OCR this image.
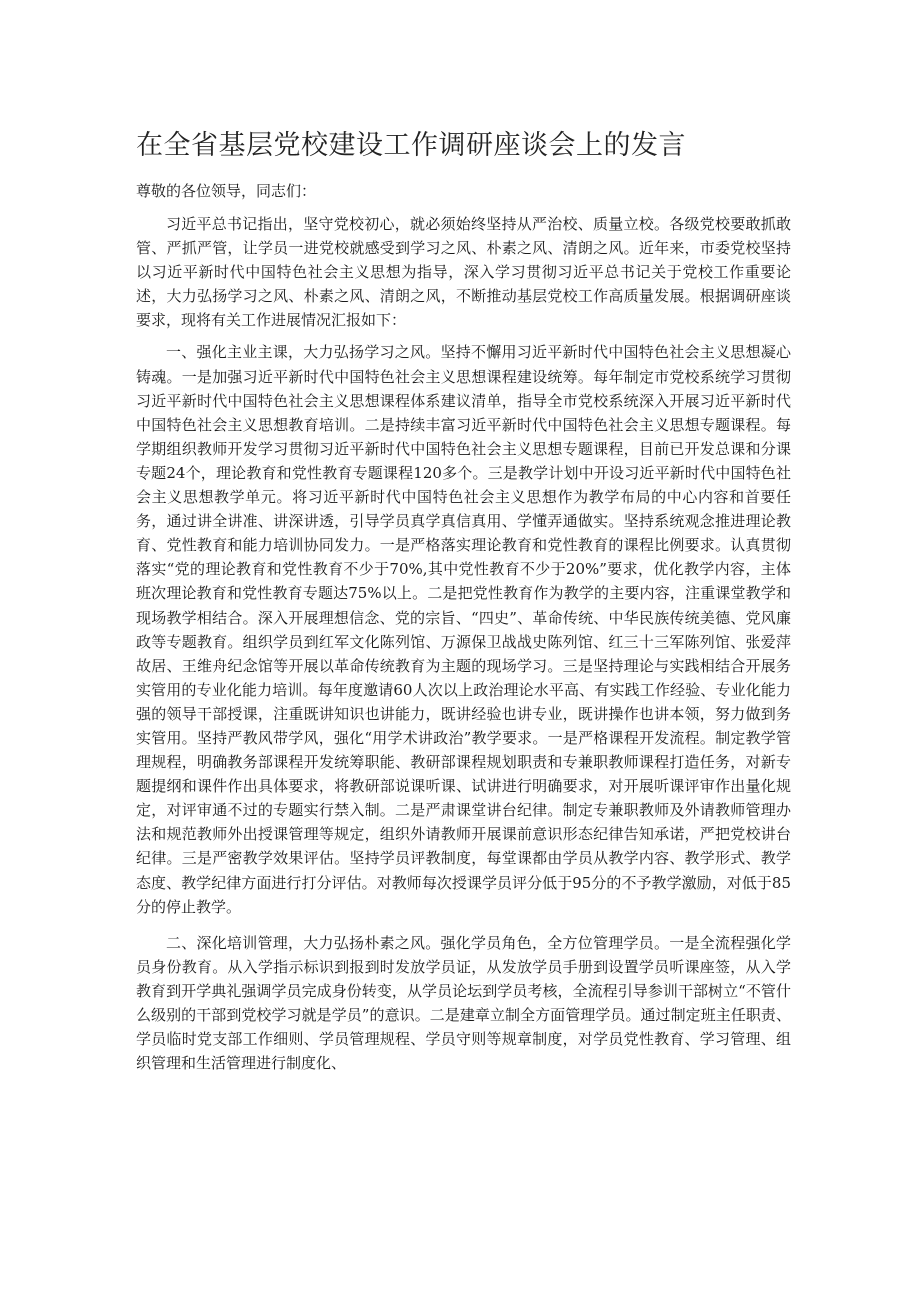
在全省基层党校建设工作调研座谈会上的发言

尊敬的各位领导，同志们：

习近平总书记指出，坚守党校初心，就必须始终坚持从严治校、质量立校。各级党校要敢抓敢管、严抓严管，让学员一进党校就感受到学习之风、朴素之风、清朗之风。近年来，市委党校坚持以习近平新时代中国特色社会主义思想为指导，深入学习贯彻习近平总书记关于党校工作重要论述，大力弘扬学习之风、朴素之风、清朗之风，不断推动基层党校工作高质量发展。根据调研座谈要求，现将有关工作进展情况汇报如下：

一、强化主业主课，大力弘扬学习之风。坚持不懈用习近平新时代中国特色社会主义思想凝心铸魂。一是加强习近平新时代中国特色社会主义思想课程建设统筹。每年制定市党校系统学习贯彻习近平新时代中国特色社会主义思想课程体系建议清单，指导全市党校系统深入开展习近平新时代中国特色社会主义思想教育培训。二是持续丰富习近平新时代中国特色社会主义思想专题课程。每学期组织教师开发学习贯彻习近平新时代中国特色社会主义思想专题课程，目前已开发总课和分课专题24个，理论教育和党性教育专题课程120多个。三是教学计划中开设习近平新时代中国特色社会主义思想教学单元。将习近平新时代中国特色社会主义思想作为教学布局的中心内容和首要任务，通过讲全讲准、讲深讲透，引导学员真学真信真用、学懂弄通做实。坚持系统观念推进理论教育、党性教育和能力培训协同发力。一是严格落实理论教育和党性教育的课程比例要求。认真贯彻落实“党的理论教育和党性教育不少于70%,其中党性教育不少于20%”要求，优化教学内容，主体班次理论教育和党性教育专题达75%以上。二是把党性教育作为教学的主要内容，注重课堂教学和现场教学相结合。深入开展理想信念、党的宗旨、“四史”、革命传统、中华民族传统美德、党风廉政等专题教育。组织学员到红军文化陈列馆、万源保卫战战史陈列馆、红三十三军陈列馆、张爱萍故居、王维舟纪念馆等开展以革命传统教育为主题的现场学习。三是坚持理论与实践相结合开展务实管用的专业化能力培训。每年度邀请60人次以上政治理论水平高、有实践工作经验、专业化能力强的领导干部授课，注重既讲知识也讲能力，既讲经验也讲专业，既讲操作也讲本领，努力做到务实管用。坚持严教风带学风，强化“用学术讲政治”教学要求。一是严格课程开发流程。制定教学管理规程，明确教务部课程开发统筹职能、教研部课程规划职责和专兼职教师课程打造任务，对新专题提纲和课件作出具体要求，将教研部说课听课、试讲进行明确要求，对开展听课评审作出量化规定，对评审通不过的专题实行禁入制。二是严肃课堂讲台纪律。制定专兼职教师及外请教师管理办法和规范教师外出授课管理等规定，组织外请教师开展课前意识形态纪律告知承诺，严把党校讲台纪律。三是严密教学效果评估。坚持学员评教制度，每堂课都由学员从教学内容、教学形式、教学态度、教学纪律方面进行打分评估。对教师每次授课学员评分低于95分的不予教学激励，对低于85分的停止教学。

二、深化培训管理，大力弘扬朴素之风。强化学员角色，全方位管理学员。一是全流程强化学员身份教育。从入学指示标识到报到时发放学员证，从发放学员手册到设置学员听课座签，从入学教育到开学典礼强调学员完成身份转变，从学员论坛到学员考核，全流程引导参训干部树立“不管什么级别的干部到党校学习就是学员”的意识。二是建章立制全方面管理学员。通过制定班主任职责、学员临时党支部工作细则、学员管理规程、学员守则等规章制度，对学员党性教育、学习管理、组织管理和生活管理进行制度化、
